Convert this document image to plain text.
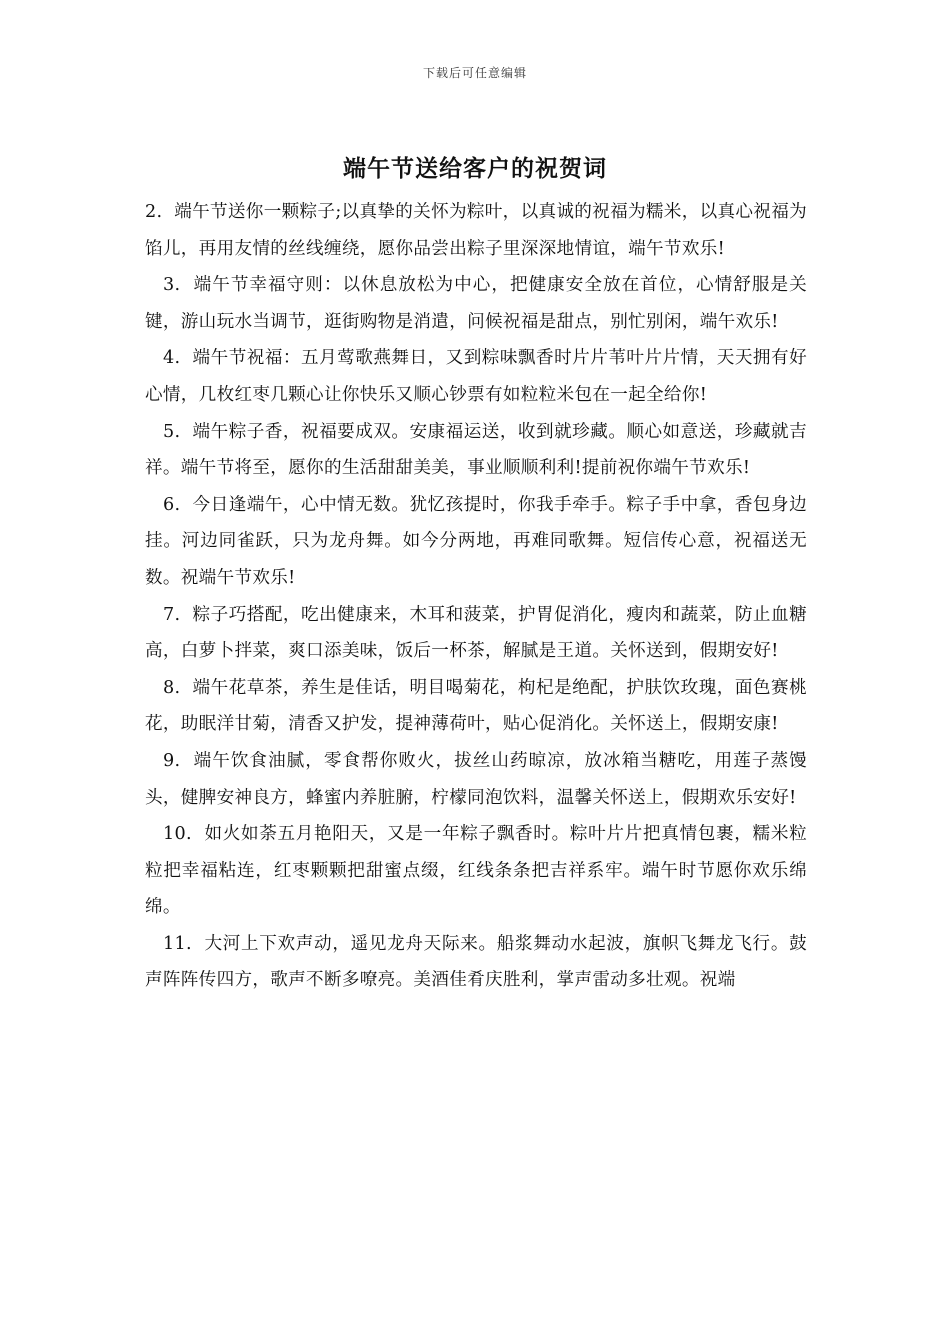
下载后可任意编辑
端午节送给客户的祝贺词

2. 端午节送你一颗粽子;以真挚的关怀为粽叶，以真诚的祝福为糯米，以真心祝福为馅儿，再用友情的丝线缠绕，愿你品尝出粽子里深深地情谊，端午节欢乐!

3. 端午节幸福守则：以休息放松为中心，把健康安全放在首位，心情舒服是关键，游山玩水当调节，逛街购物是消遣，问候祝福是甜点，别忙别闲，端午欢乐!

4. 端午节祝福：五月莺歌燕舞日，又到粽味飘香时片片苇叶片片情，天天拥有好心情，几枚红枣几颗心让你快乐又顺心钞票有如粒粒米包在一起全给你!

5. 端午粽子香，祝福要成双。安康福运送，收到就珍藏。顺心如意送，珍藏就吉祥。端午节将至，愿你的生活甜甜美美，事业顺顺利利!提前祝你端午节欢乐!

6. 今日逢端午，心中情无数。犹忆孩提时，你我手牵手。粽子手中拿，香包身边挂。河边同雀跃，只为龙舟舞。如今分两地，再难同歌舞。短信传心意，祝福送无数。祝端午节欢乐!

7. 粽子巧搭配，吃出健康来，木耳和菠菜，护胃促消化，瘦肉和蔬菜，防止血糖高，白萝卜拌菜，爽口添美味，饭后一杯茶，解腻是王道。关怀送到，假期安好!

8. 端午花草茶，养生是佳话，明目喝菊花，枸杞是绝配，护肤饮玫瑰，面色赛桃花，助眠洋甘菊，清香又护发，提神薄荷叶，贴心促消化。关怀送上，假期安康!

9. 端午饮食油腻，零食帮你败火，拔丝山药晾凉，放冰箱当糖吃，用莲子蒸馒头，健脾安神良方，蜂蜜内养脏腑，柠檬同泡饮料，温馨关怀送上，假期欢乐安好!

10. 如火如荼五月艳阳天，又是一年粽子飘香时。粽叶片片把真情包裹，糯米粒粒把幸福粘连，红枣颗颗把甜蜜点缀，红线条条把吉祥系牢。端午时节愿你欢乐绵绵。

11. 大河上下欢声动，遥见龙舟天际来。船浆舞动水起波，旗帜飞舞龙飞行。鼓声阵阵传四方，歌声不断多嘹亮。美酒佳肴庆胜利，掌声雷动多壮观。祝端
